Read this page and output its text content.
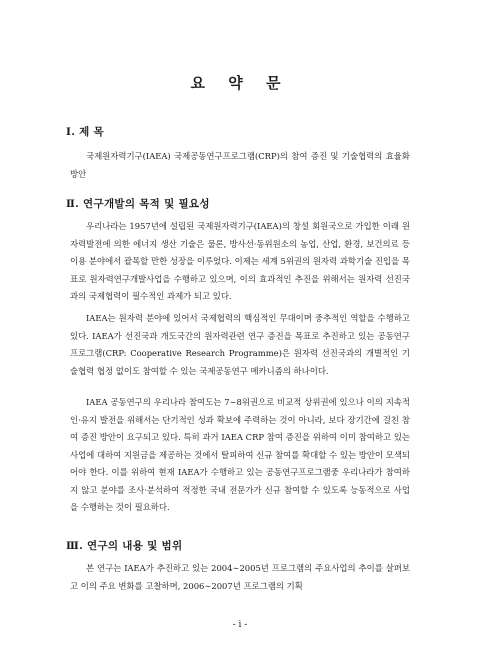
요 약 문
Ⅰ. 제 목

국제원자력기구(IAEA) 국제공동연구프로그램(CRP)의 참여 증진 및 기술협력의 효율화 방안

Ⅱ. 연구개발의 목적 및 필요성

우리나라는 1957년에 설립된 국제원자력기구(IAEA)의 창설 회원국으로 가입한 이래 원자력발전에 의한 에너지 생산 기술은 물론, 방사선·동위원소의 농업, 산업, 환경, 보건의료 등 이용 분야에서 괄목할 만한 성장을 이루었다. 이제는 세계 5위권의 원자력 과학기술 진입을 목표로 원자력연구개발사업을 수행하고 있으며, 이의 효과적인 추진을 위해서는 원자력 선진국과의 국제협력이 필수적인 과제가 되고 있다.

IAEA는 원자력 분야에 있어서 국제협력의 핵심적인 무대이며 중추적인 역할을 수행하고 있다. IAEA가 선진국과 개도국간의 원자력관련 연구 증진을 목표로 추진하고 있는 공동연구프로그램(CRP: Cooperative Research Programme)은 원자력 선진국과의 개별적인 기술협력 협정 없이도 참여할 수 있는 국제공동연구 메카니즘의 하나이다.

IAEA 공동연구의 우리나라 참여도는 7∼8위권으로 비교적 상위권에 있으나 이의 지속적인·유지 발전을 위해서는 단기적인 성과 확보에 주력하는 것이 아니라, 보다 장기간에 걸친 참여 증진 방안이 요구되고 있다. 특히 과거 IAEA CRP 참여 증진을 위하여 이미 참여하고 있는 사업에 대하여 지원금을 제공하는 것에서 탈피하여 신규 참여를 확대할 수 있는 방안이 모색되어야 한다. 이를 위하여 현재 IAEA가 수행하고 있는 공동연구프로그램중 우리나라가 참여하지 않고 분야를 조사·분석하여 적정한 국내 전문가가 신규 참여할 수 있도록 능동적으로 사업을 수행하는 것이 필요하다.

Ⅲ. 연구의 내용 및 범위

본 연구는 IAEA가 추진하고 있는 2004∼2005년 프로그램의 주요사업의 추이를 살펴보고 이의 주요 변화를 고찰하며, 2006∼2007년 프로그램의 기획

- i -
